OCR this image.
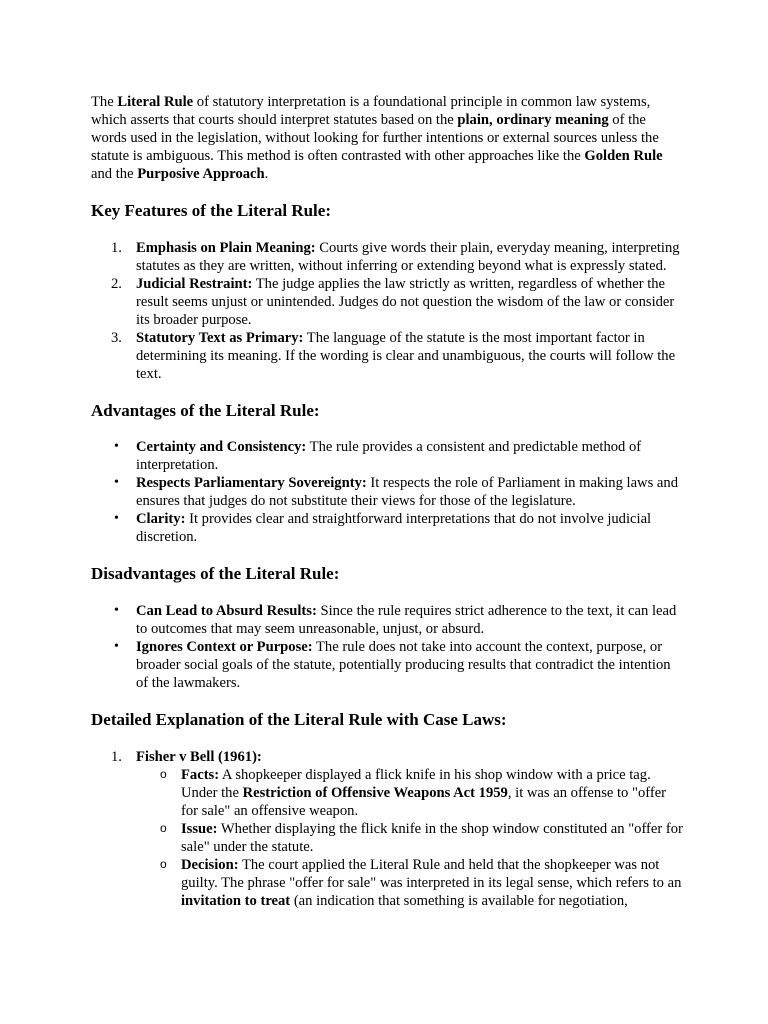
The Literal Rule of statutory interpretation is a foundational principle in common law systems, which asserts that courts should interpret statutes based on the plain, ordinary meaning of the words used in the legislation, without looking for further intentions or external sources unless the statute is ambiguous. This method is often contrasted with other approaches like the Golden Rule and the Purposive Approach.

Key Features of the Literal Rule:
1. Emphasis on Plain Meaning: Courts give words their plain, everyday meaning, interpreting statutes as they are written, without inferring or extending beyond what is expressly stated.
2. Judicial Restraint: The judge applies the law strictly as written, regardless of whether the result seems unjust or unintended. Judges do not question the wisdom of the law or consider its broader purpose.
3. Statutory Text as Primary: The language of the statute is the most important factor in determining its meaning. If the wording is clear and unambiguous, the courts will follow the text.
Advantages of the Literal Rule:
• Certainty and Consistency: The rule provides a consistent and predictable method of interpretation.
• Respects Parliamentary Sovereignty: It respects the role of Parliament in making laws and ensures that judges do not substitute their views for those of the legislature.
• Clarity: It provides clear and straightforward interpretations that do not involve judicial discretion.
Disadvantages of the Literal Rule:
• Can Lead to Absurd Results: Since the rule requires strict adherence to the text, it can lead to outcomes that may seem unreasonable, unjust, or absurd.
• Ignores Context or Purpose: The rule does not take into account the context, purpose, or broader social goals of the statute, potentially producing results that contradict the intention of the lawmakers.
Detailed Explanation of the Literal Rule with Case Laws:
1. Fisher v Bell (1961):
o Facts: A shopkeeper displayed a flick knife in his shop window with a price tag. Under the Restriction of Offensive Weapons Act 1959, it was an offense to "offer for sale" an offensive weapon.
o Issue: Whether displaying the flick knife in the shop window constituted an "offer for sale" under the statute.
o Decision: The court applied the Literal Rule and held that the shopkeeper was not guilty. The phrase "offer for sale" was interpreted in its legal sense, which refers to an invitation to treat (an indication that something is available for negotiation,
